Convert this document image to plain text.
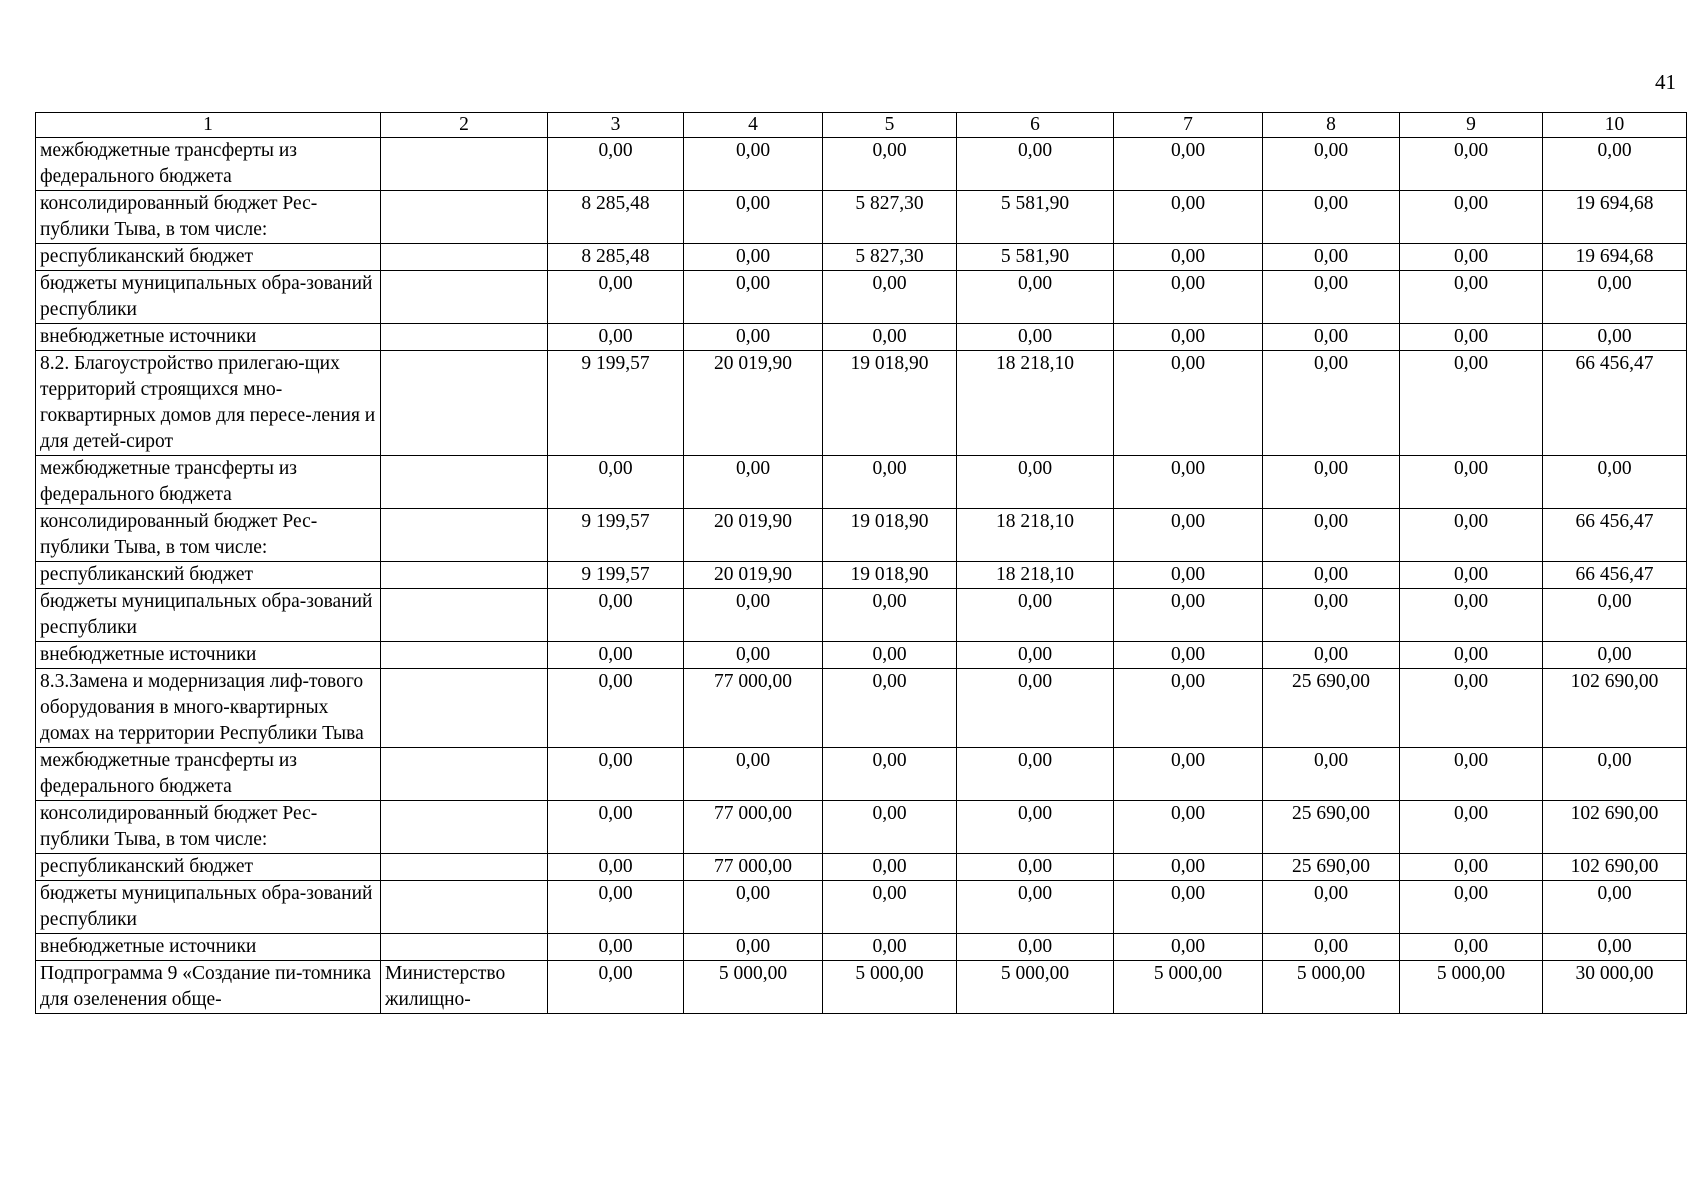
41
1	2	3	4	5	6	7	8	9	10
межбюджетные трансферты из федерального бюджета		0,00	0,00	0,00	0,00	0,00	0,00	0,00	0,00
консолидированный бюджет Рес-публики Тыва, в том числе:		8 285,48	0,00	5 827,30	5 581,90	0,00	0,00	0,00	19 694,68
республиканский бюджет		8 285,48	0,00	5 827,30	5 581,90	0,00	0,00	0,00	19 694,68
бюджеты муниципальных обра-зований республики		0,00	0,00	0,00	0,00	0,00	0,00	0,00	0,00
внебюджетные источники		0,00	0,00	0,00	0,00	0,00	0,00	0,00	0,00
8.2. Благоустройство прилегаю-щих территорий строящихся мно-гоквартирных домов для пересе-ления и для детей-сирот		9 199,57	20 019,90	19 018,90	18 218,10	0,00	0,00	0,00	66 456,47
межбюджетные трансферты из федерального бюджета		0,00	0,00	0,00	0,00	0,00	0,00	0,00	0,00
консолидированный бюджет Рес-публики Тыва, в том числе:		9 199,57	20 019,90	19 018,90	18 218,10	0,00	0,00	0,00	66 456,47
республиканский бюджет		9 199,57	20 019,90	19 018,90	18 218,10	0,00	0,00	0,00	66 456,47
бюджеты муниципальных обра-зований республики		0,00	0,00	0,00	0,00	0,00	0,00	0,00	0,00
внебюджетные источники		0,00	0,00	0,00	0,00	0,00	0,00	0,00	0,00
8.3.Замена и модернизация лиф-тового оборудования в много-квартирных домах на территории Республики Тыва		0,00	77 000,00	0,00	0,00	0,00	25 690,00	0,00	102 690,00
межбюджетные трансферты из федерального бюджета		0,00	0,00	0,00	0,00	0,00	0,00	0,00	0,00
консолидированный бюджет Рес-публики Тыва, в том числе:		0,00	77 000,00	0,00	0,00	0,00	25 690,00	0,00	102 690,00
республиканский бюджет		0,00	77 000,00	0,00	0,00	0,00	25 690,00	0,00	102 690,00
бюджеты муниципальных обра-зований республики		0,00	0,00	0,00	0,00	0,00	0,00	0,00	0,00
внебюджетные источники		0,00	0,00	0,00	0,00	0,00	0,00	0,00	0,00
Подпрограмма 9 «Создание пи-томника для озеленения обще-	Министерство жилищно-	0,00	5 000,00	5 000,00	5 000,00	5 000,00	5 000,00	5 000,00	30 000,00
